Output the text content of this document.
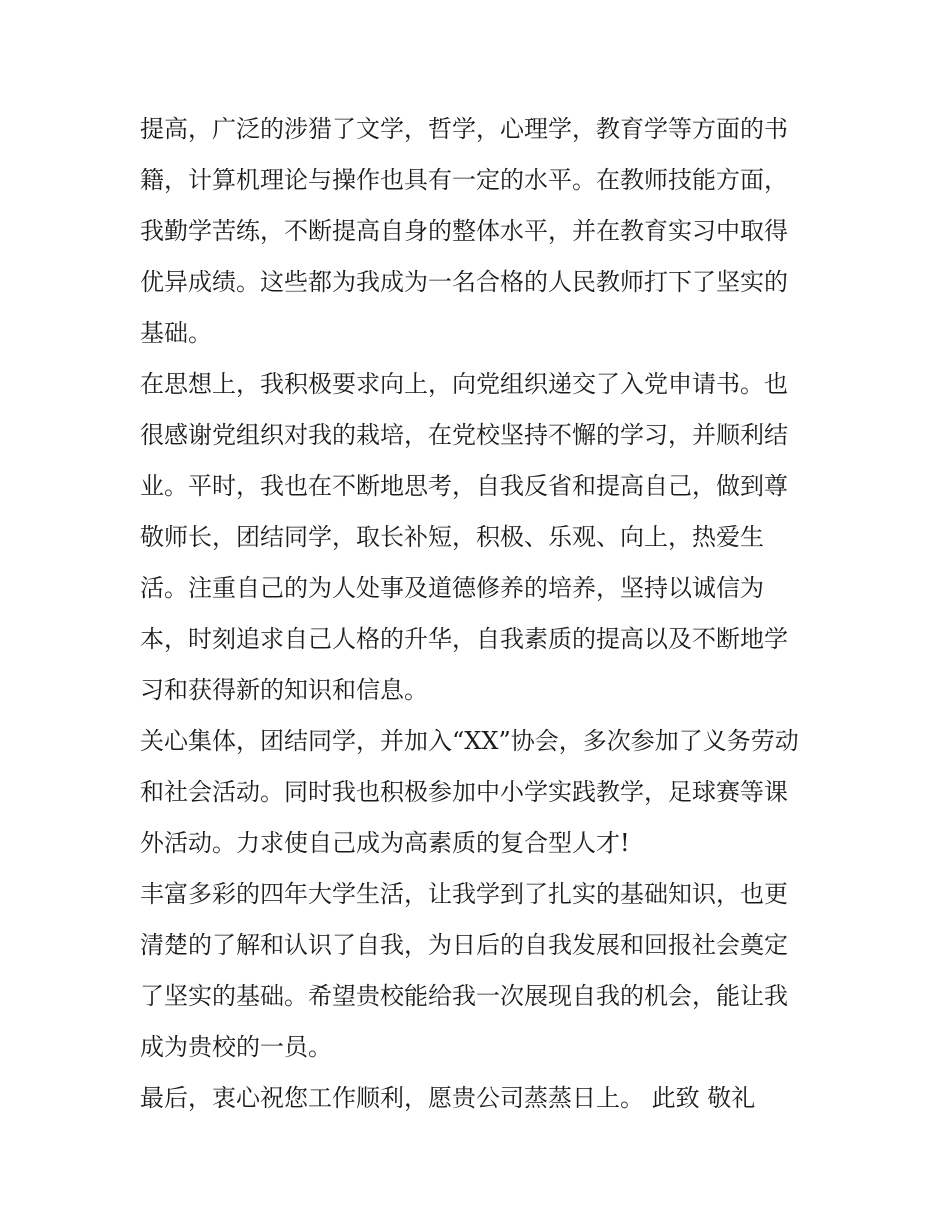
提高，广泛的涉猎了文学，哲学，心理学，教育学等方面的书
籍，计算机理论与操作也具有一定的水平。在教师技能方面，
我勤学苦练，不断提高自身的整体水平，并在教育实习中取得
优异成绩。这些都为我成为一名合格的人民教师打下了坚实的
基础。
在思想上，我积极要求向上，向党组织递交了入党申请书。也
很感谢党组织对我的栽培，在党校坚持不懈的学习，并顺利结
业。平时，我也在不断地思考，自我反省和提高自己，做到尊
敬师长，团结同学，取长补短，积极、乐观、向上，热爱生
活。注重自己的为人处事及道德修养的培养，坚持以诚信为
本，时刻追求自己人格的升华，自我素质的提高以及不断地学
习和获得新的知识和信息。
关心集体，团结同学，并加入“XX”协会，多次参加了义务劳动
和社会活动。同时我也积极参加中小学实践教学，足球赛等课
外活动。力求使自己成为高素质的复合型人才!
丰富多彩的四年大学生活，让我学到了扎实的基础知识，也更
清楚的了解和认识了自我，为日后的自我发展和回报社会奠定
了坚实的基础。希望贵校能给我一次展现自我的机会，能让我
成为贵校的一员。
最后，衷心祝您工作顺利，愿贵公司蒸蒸日上。 此致 敬礼
